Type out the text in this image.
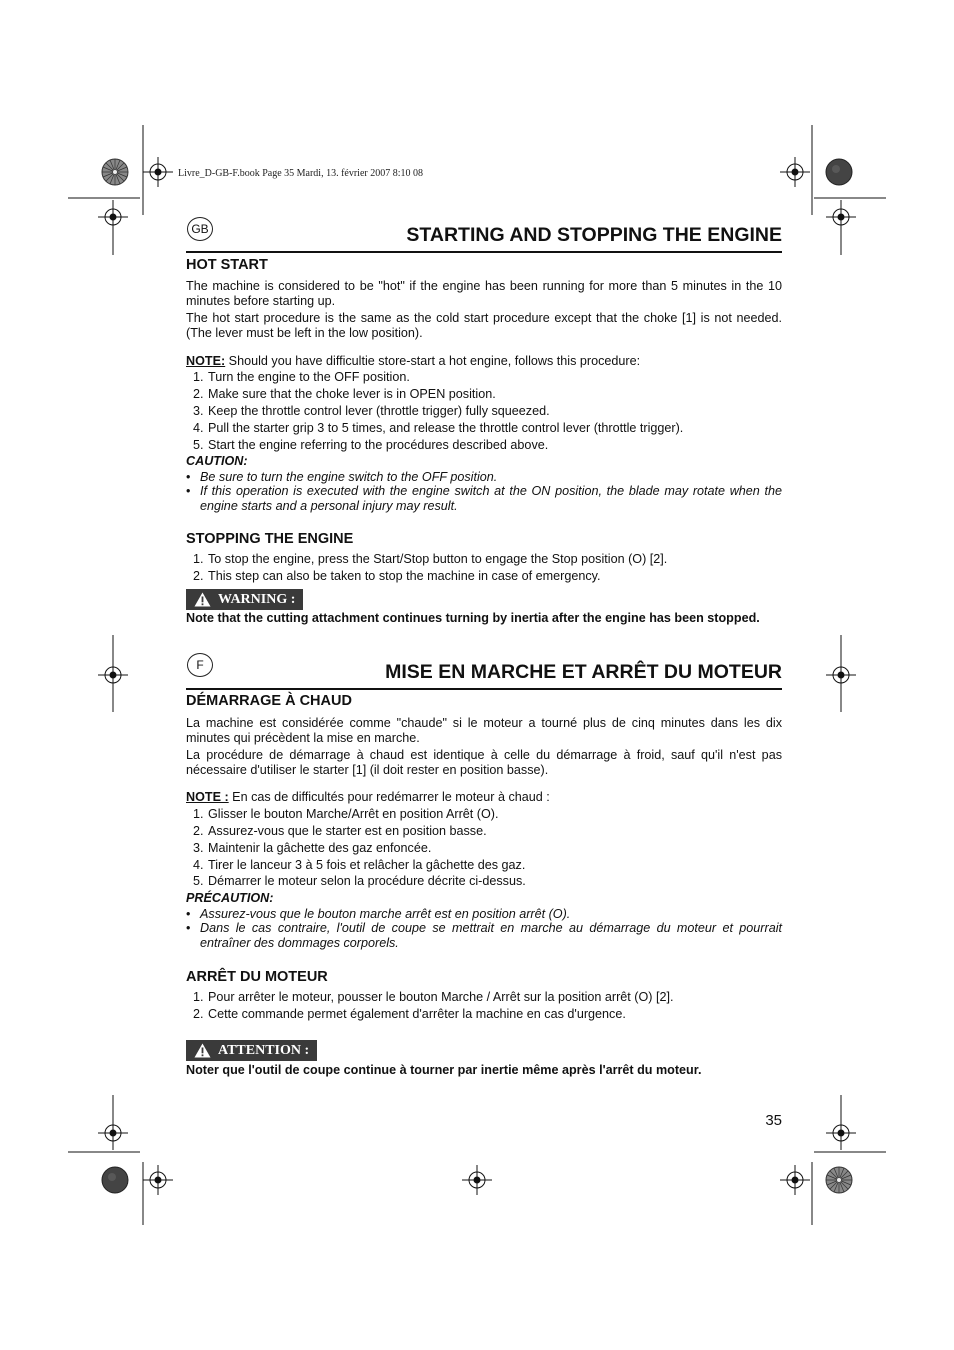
Livre_D-GB-F.book Page 35 Mardi, 13. février 2007 8:10 08
GB	STARTING AND STOPPING THE ENGINE
HOT START
The machine is considered to be "hot" if the engine has been running for more than 5 minutes in the 10 minutes before starting up.
The hot start procedure is the same as the cold start procedure except that the choke [1] is not needed. (The lever must be left in the low position).
NOTE: Should you have difficultie store-start a hot engine, follows this procedure:
1. Turn the engine to the OFF position.
2. Make sure that the choke lever is in OPEN position.
3. Keep the throttle control lever (throttle trigger) fully squeezed.
4. Pull the starter grip 3 to 5 times, and release the throttle control lever (throttle trigger).
5. Start the engine referring to the procédures described above.
CAUTION:
• Be sure to turn the engine switch to the OFF position.
• If this operation is executed with the engine switch at the ON position, the blade may rotate when the engine starts and a personal injury may result.
STOPPING THE ENGINE
1. To stop the engine, press the Start/Stop button to engage the Stop position (O) [2].
2. This step can also be taken to stop the machine in case of emergency.
WARNING :
Note that the cutting attachment continues turning by inertia after the engine has been stopped.
F	MISE EN MARCHE ET ARRÊT DU MOTEUR
DÉMARRAGE À CHAUD
La machine est considérée comme "chaude" si le moteur a tourné plus de cinq minutes dans les dix minutes qui précèdent la mise en marche.
La procédure de démarrage à chaud est identique à celle du démarrage à froid, sauf qu'il n'est pas nécessaire d'utiliser le starter [1] (il doit rester en position basse).
NOTE : En cas de difficultés pour redémarrer le moteur à chaud :
1. Glisser le bouton Marche/Arrêt en position Arrêt (O).
2. Assurez-vous que le starter est en position basse.
3. Maintenir la gâchette des gaz enfoncée.
4. Tirer le lanceur 3 à 5 fois et relâcher la gâchette des gaz.
5. Démarrer le moteur selon la procédure décrite ci-dessus.
PRÉCAUTION:
• Assurez-vous que le bouton marche arrêt est en position arrêt (O).
• Dans le cas contraire, l'outil de coupe se mettrait en marche au démarrage du moteur et pourrait entraîner des dommages corporels.
ARRÊT DU MOTEUR
1. Pour arrêter le moteur, pousser le bouton Marche / Arrêt sur la position arrêt (O) [2].
2. Cette commande permet également d'arrêter la machine en cas d'urgence.
ATTENTION :
Noter que l'outil de coupe continue à tourner par inertie même après l'arrêt du moteur.
35
